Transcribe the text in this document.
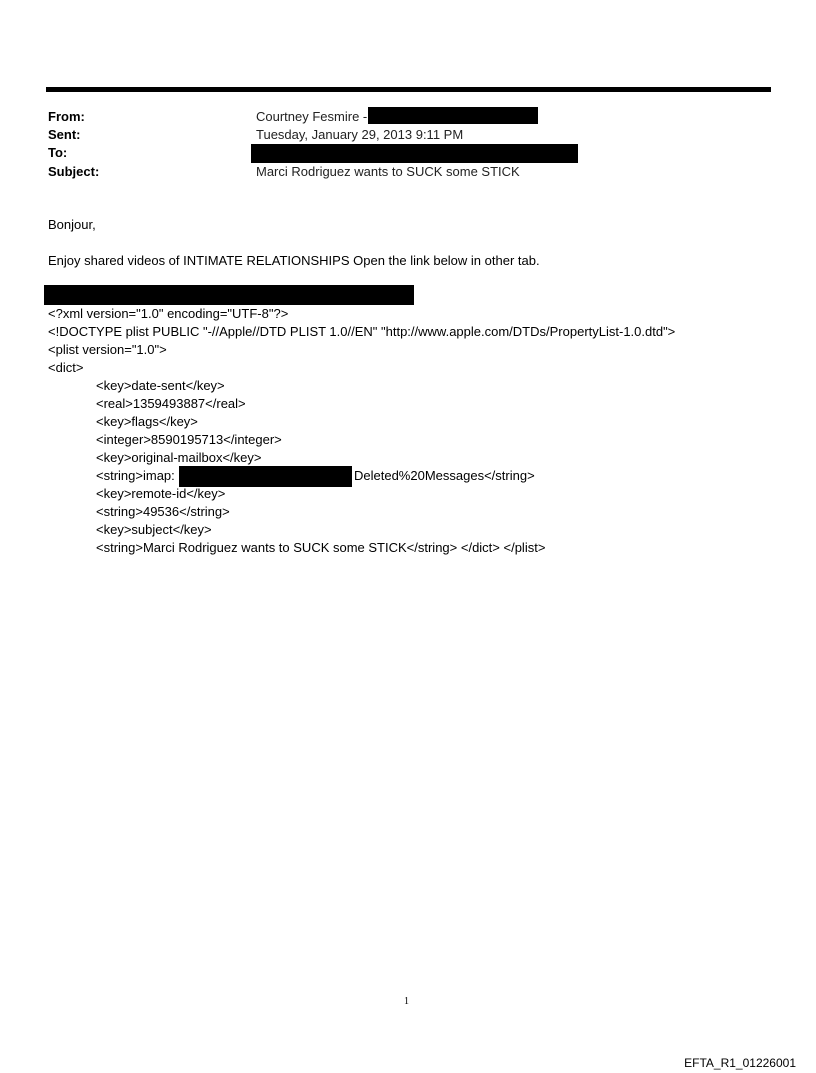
From:	Courtney Fesmire -
Sent:	Tuesday, January 29, 2013 9:11 PM
To:
Subject:	Marci Rodriguez wants to SUCK some STICK
Bonjour,
Enjoy shared videos of INTIMATE RELATIONSHIPS Open the link below in other tab.
<?xml version="1.0" encoding="UTF-8"?>
<!DOCTYPE plist PUBLIC "-//Apple//DTD PLIST 1.0//EN" "http://www.apple.com/DTDs/PropertyList-1.0.dtd">
<plist version="1.0">
<dict>
<key>date-sent</key>
<real>1359493887</real>
<key>flags</key>
<integer>8590195713</integer>
<key>original-mailbox</key>
<string>imap:	Deleted%20Messages</string>
<key>remote-id</key>
<string>49536</string>
<key>subject</key>
<string>Marci Rodriguez wants to SUCK some STICK</string> </dict> </plist>
1
EFTA_R1_01226001
